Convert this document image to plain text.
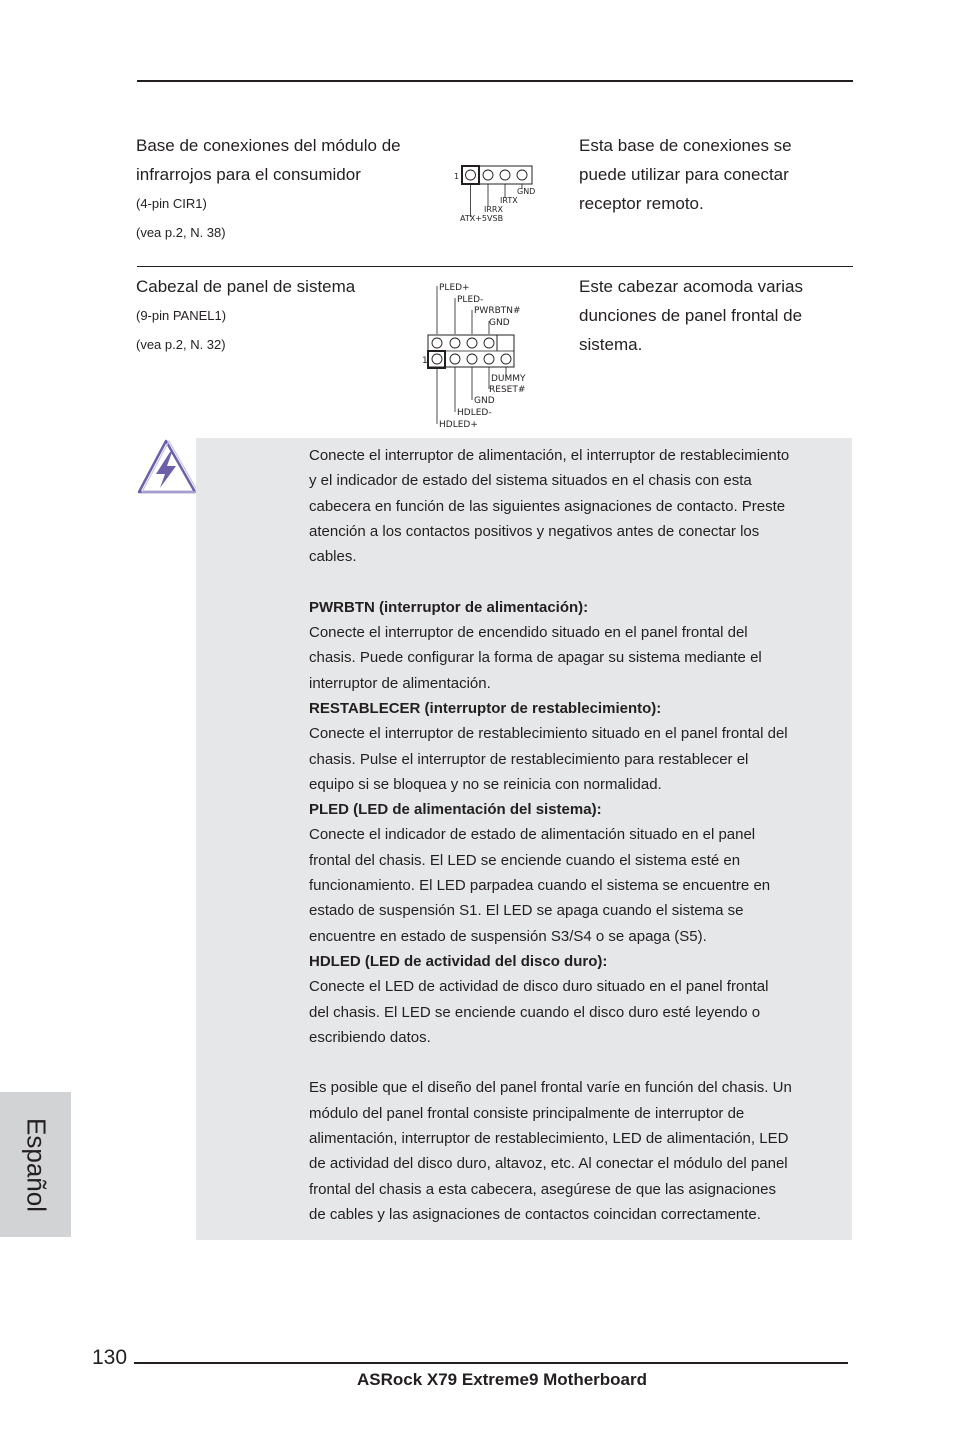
Base de conexiones del módulo de
infrarrojos para el consumidor
(4-pin CIR1)
(vea p.2, N. 38)
1
GND
IRTX
IRRX
ATX+5VSB
Esta base de conexiones se
puede utilizar para conectar
receptor remoto.
Cabezal de panel de sistema
(9-pin PANEL1)
(vea p.2, N. 32)
PLED+
PLED-
PWRBTN#
GND
1
DUMMY
RESET#
GND
HDLED-
HDLED+
Este cabezar acomoda varias
dunciones de panel frontal de
sistema.

Conecte el interruptor de alimentación, el interruptor de restablecimiento

y el indicador de estado del sistema situados en el chasis con esta

cabecera en función de las siguientes asignaciones de contacto. Preste

atención a los contactos positivos y negativos antes de conectar los

cables.

PWRBTN (interruptor de alimentación):

Conecte el interruptor de encendido situado en el panel frontal del

chasis. Puede configurar la forma de apagar su sistema mediante el

interruptor de alimentación.

RESTABLECER (interruptor de restablecimiento):

Conecte el interruptor de restablecimiento situado en el panel frontal del

chasis. Pulse el interruptor de restablecimiento para restablecer el

equipo si se bloquea y no se reinicia con normalidad.

PLED (LED de alimentación del sistema):

Conecte el indicador de estado de alimentación situado en el panel

frontal del chasis. El LED se enciende cuando el sistema esté en

funcionamiento. El LED parpadea cuando el sistema se encuentre en

estado de suspensión S1. El LED se apaga cuando el sistema se

encuentre en estado de suspensión S3/S4 o se apaga (S5).

HDLED (LED de actividad del disco duro):

Conecte el LED de actividad de disco duro situado en el panel frontal

del chasis. El LED se enciende cuando el disco duro esté leyendo o

escribiendo datos.

Es posible que el diseño del panel frontal varíe en función del chasis. Un

módulo del panel frontal consiste principalmente de interruptor de

alimentación, interruptor de restablecimiento, LED de alimentación, LED

de actividad del disco duro, altavoz, etc. Al conectar el módulo del panel

frontal del chasis a esta cabecera, asegúrese de que las asignaciones

de cables y las asignaciones de contactos coincidan correctamente.

Español
130
ASRock X79 Extreme9 Motherboard
